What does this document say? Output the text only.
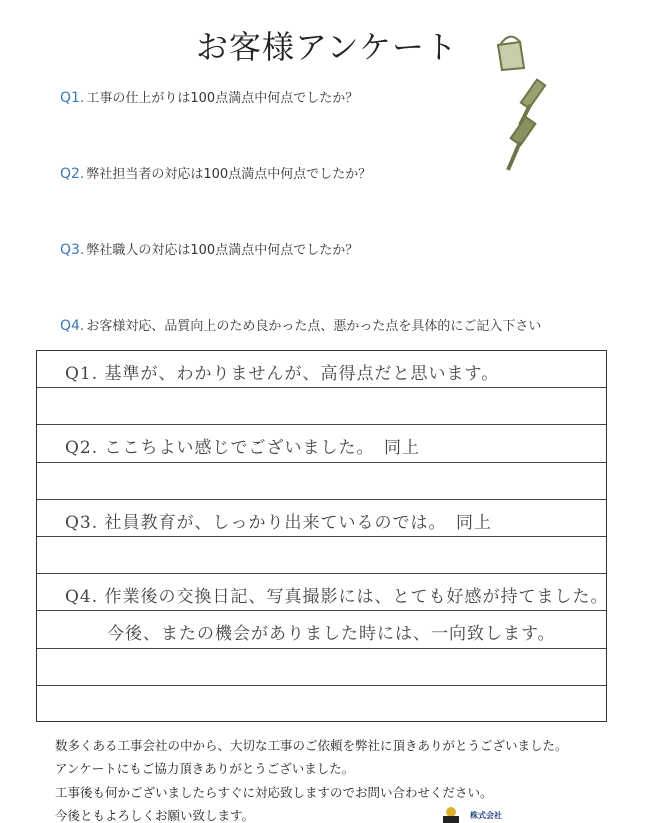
お客様アンケート
Q1. 工事の仕上がりは100点満点中何点でしたか？
Q2. 弊社担当者の対応は100点満点中何点でしたか？
Q3. 弊社職人の対応は100点満点中何点でしたか？
Q4. お客様対応、品質向上のため良かった点、悪かった点を具体的にご記入下さい
Q1. 基準が、わかりませんが、高得点だと思います。
Q2. ここちよい感じでございました。　同上
Q3. 社員教育が、しっかり出来ているのでは。　同上
Q4. 作業後の交換日記、写真撮影には、とても好感が持てました。
今後、またの機会がありました時には、一向致します。
数多くある工事会社の中から、大切な工事のご依頼を弊社に頂きありがとうございました。
アンケートにもご協力頂きありがとうございました。
工事後も何かございましたらすぐに対応致しますのでお問い合わせください。
今後ともよろしくお願い致します。	株式会社
